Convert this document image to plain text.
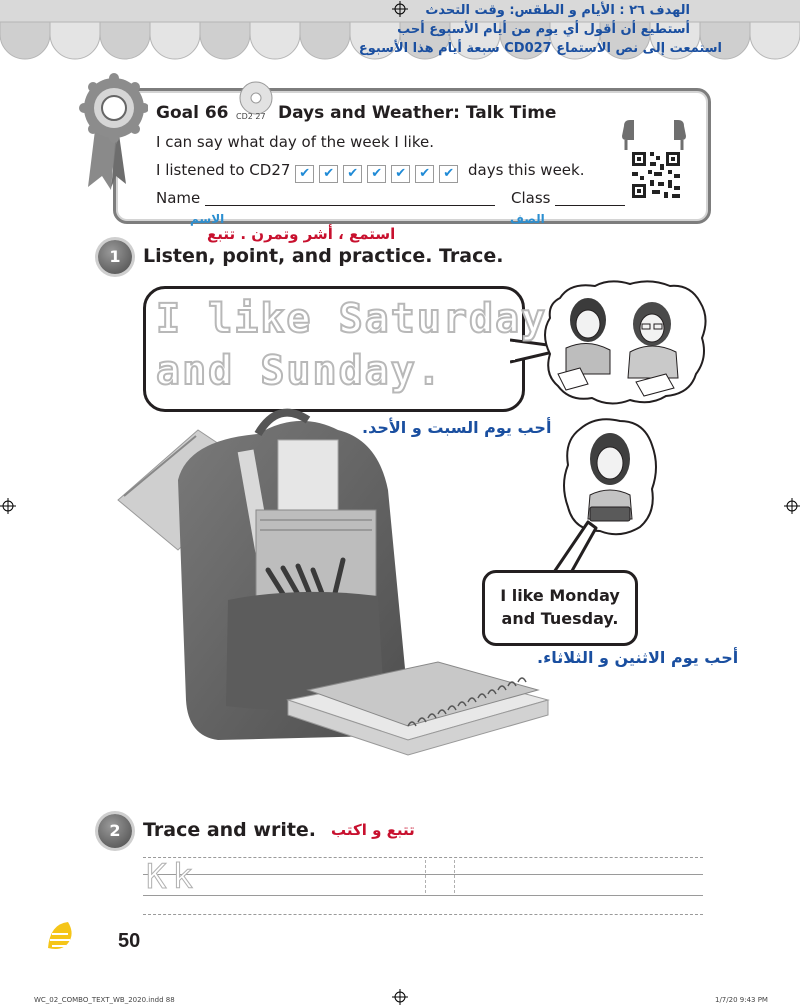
الهدف ٢٦ : الأيام و الطقس: وقت التحدث
أستطيع أن أقول أي يوم من أيام الأسبوع أحب
استمعت إلى نص الاستماع CD027 سبعة أيام هذا الأسبوع
Goal 66 CD2 27 Days and Weather: Talk Time
I can say what day of the week I like.
I listened to CD27 ✔ ✔ ✔ ✔ ✔ ✔ ✔ days this week.
Name	Class
الاسم	الصف
1
استمع ، أشر وتمرن . تتبع
Listen, point, and practice. Trace.
I like Saturday
and Sunday.
أحب يوم السبت و الأحد.
I like Monday
and Tuesday.
أحب يوم الاثنين و الثلاثاء.
2	Trace and write. تتبع و اكتب
Kk
50
WC_02_COMBO_TEXT_WB_2020.indd 88	1/7/20 9:43 PM
